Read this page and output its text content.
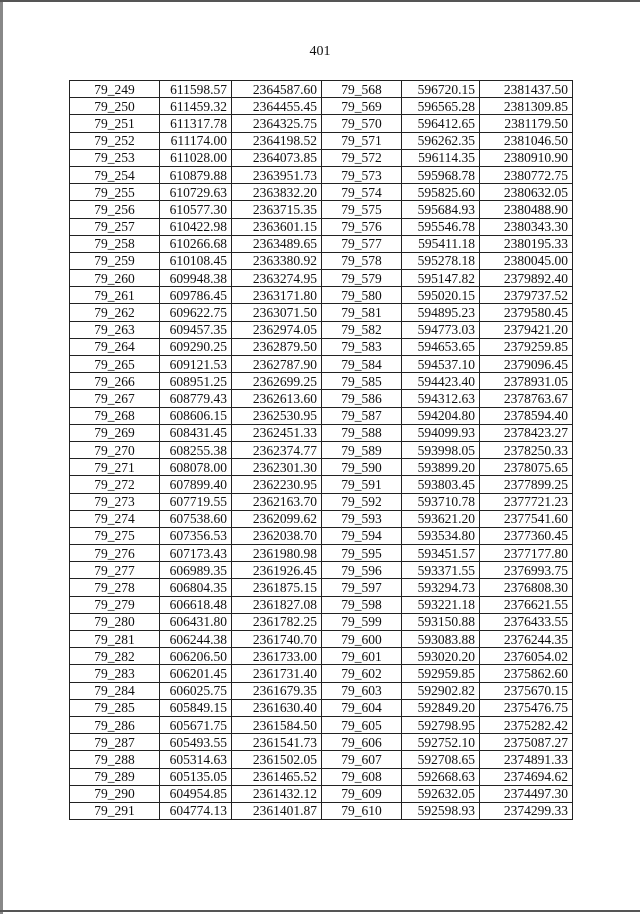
401
79_249	611598.57	2364587.60	79_568	596720.15	2381437.50
79_250	611459.32	2364455.45	79_569	596565.28	2381309.85
79_251	611317.78	2364325.75	79_570	596412.65	2381179.50
79_252	611174.00	2364198.52	79_571	596262.35	2381046.50
79_253	611028.00	2364073.85	79_572	596114.35	2380910.90
79_254	610879.88	2363951.73	79_573	595968.78	2380772.75
79_255	610729.63	2363832.20	79_574	595825.60	2380632.05
79_256	610577.30	2363715.35	79_575	595684.93	2380488.90
79_257	610422.98	2363601.15	79_576	595546.78	2380343.30
79_258	610266.68	2363489.65	79_577	595411.18	2380195.33
79_259	610108.45	2363380.92	79_578	595278.18	2380045.00
79_260	609948.38	2363274.95	79_579	595147.82	2379892.40
79_261	609786.45	2363171.80	79_580	595020.15	2379737.52
79_262	609622.75	2363071.50	79_581	594895.23	2379580.45
79_263	609457.35	2362974.05	79_582	594773.03	2379421.20
79_264	609290.25	2362879.50	79_583	594653.65	2379259.85
79_265	609121.53	2362787.90	79_584	594537.10	2379096.45
79_266	608951.25	2362699.25	79_585	594423.40	2378931.05
79_267	608779.43	2362613.60	79_586	594312.63	2378763.67
79_268	608606.15	2362530.95	79_587	594204.80	2378594.40
79_269	608431.45	2362451.33	79_588	594099.93	2378423.27
79_270	608255.38	2362374.77	79_589	593998.05	2378250.33
79_271	608078.00	2362301.30	79_590	593899.20	2378075.65
79_272	607899.40	2362230.95	79_591	593803.45	2377899.25
79_273	607719.55	2362163.70	79_592	593710.78	2377721.23
79_274	607538.60	2362099.62	79_593	593621.20	2377541.60
79_275	607356.53	2362038.70	79_594	593534.80	2377360.45
79_276	607173.43	2361980.98	79_595	593451.57	2377177.80
79_277	606989.35	2361926.45	79_596	593371.55	2376993.75
79_278	606804.35	2361875.15	79_597	593294.73	2376808.30
79_279	606618.48	2361827.08	79_598	593221.18	2376621.55
79_280	606431.80	2361782.25	79_599	593150.88	2376433.55
79_281	606244.38	2361740.70	79_600	593083.88	2376244.35
79_282	606206.50	2361733.00	79_601	593020.20	2376054.02
79_283	606201.45	2361731.40	79_602	592959.85	2375862.60
79_284	606025.75	2361679.35	79_603	592902.82	2375670.15
79_285	605849.15	2361630.40	79_604	592849.20	2375476.75
79_286	605671.75	2361584.50	79_605	592798.95	2375282.42
79_287	605493.55	2361541.73	79_606	592752.10	2375087.27
79_288	605314.63	2361502.05	79_607	592708.65	2374891.33
79_289	605135.05	2361465.52	79_608	592668.63	2374694.62
79_290	604954.85	2361432.12	79_609	592632.05	2374497.30
79_291	604774.13	2361401.87	79_610	592598.93	2374299.33
